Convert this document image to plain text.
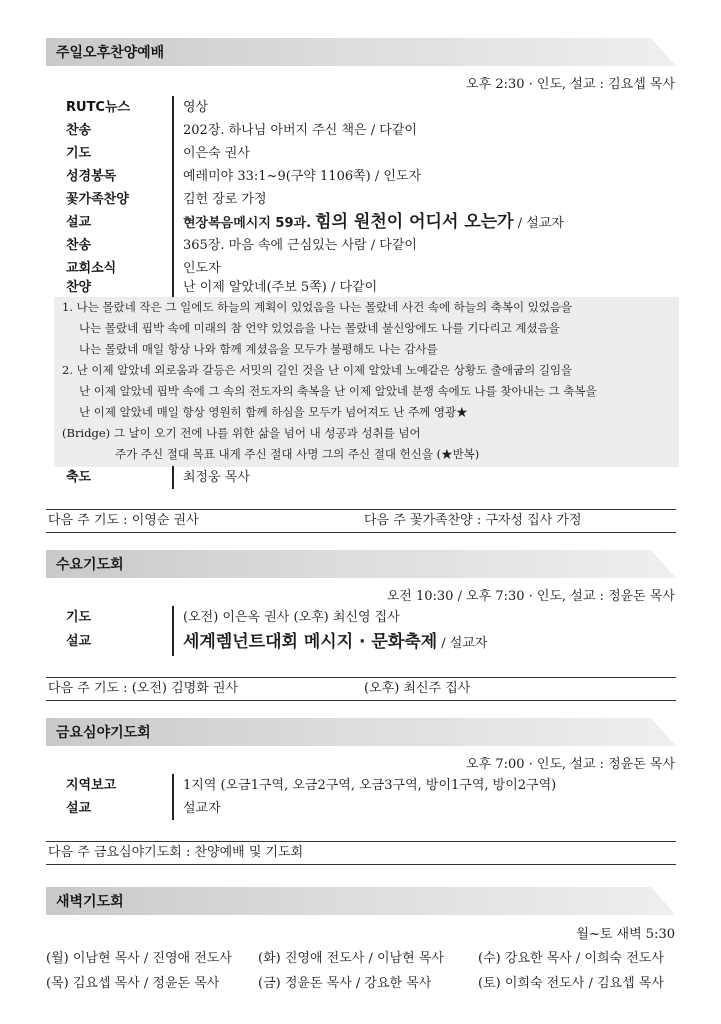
주일오후찬양예배
오후 2:30 · 인도, 설교 : 김요셉 목사
RUTC뉴스	영상
찬송	202장. 하나님 아버지 주신 책은 / 다같이
기도	이은숙 권사
성경봉독	예레미야 33:1~9(구약 1106쪽) / 인도자
꽃가족찬양	김헌 장로 가정
설교	현장복음메시지 59과. 힘의 원천이 어디서 오는가 / 설교자
찬송	365장. 마음 속에 근심있는 사람 / 다같이
교회소식	인도자
찬양	난 이제 알았네(주보 5쪽) / 다같이
1. 나는 몰랐네 작은 그 일에도 하늘의 계획이 있었음을 나는 몰랐네 사건 속에 하늘의 축복이 있었음을
나는 몰랐네 핍박 속에 미래의 참 언약 있었음을 나는 몰랐네 불신앙에도 나를 기다리고 계셨음을
나는 몰랐네 매일 항상 나와 함께 계셨음을 모두가 불평해도 나는 감사를
2. 난 이제 알았네 외로움과 갈등은 서밋의 길인 것을 난 이제 알았네 노예같은 상황도 출애굽의 길임을
난 이제 알았네 핍박 속에 그 속의 전도자의 축복을 난 이제 알았네 분쟁 속에도 나를 찾아내는 그 축복을
난 이제 알았네 매일 항상 영원히 함께 하심을 모두가 넘어져도 난 주께 영광★
(Bridge) 그 날이 오기 전에 나를 위한 삶을 넘어 내 성공과 성취를 넘어
주가 주신 절대 목표 내게 주신 절대 사명 그의 주신 절대 헌신을 (★반복)
축도	최정웅 목사
다음 주 기도 : 이영순 권사	다음 주 꽃가족찬양 : 구자성 집사 가정
수요기도회
오전 10:30 / 오후 7:30 · 인도, 설교 : 정윤돈 목사
기도	(오전) 이은옥 권사 (오후) 최신영 집사
설교	세계렘넌트대회 메시지 · 문화축제 / 설교자
다음 주 기도 : (오전) 김명화 권사	(오후) 최신주 집사
금요심야기도회
오후 7:00 · 인도, 설교 : 정윤돈 목사
지역보고	1지역 (오금1구역, 오금2구역, 오금3구역, 방이1구역, 방이2구역)
설교	설교자
다음 주 금요심야기도회 : 찬양예배 및 기도회
새벽기도회
월~토 새벽 5:30
(월) 이남현 목사 / 진영애 전도사 (화) 진영애 전도사 / 이남현 목사	(수) 강요한 목사 / 이희숙 전도사
(목) 김요셉 목사 / 정윤돈 목사	(금) 정윤돈 목사 / 강요한 목사	(토) 이희숙 전도사 / 김요셉 목사
